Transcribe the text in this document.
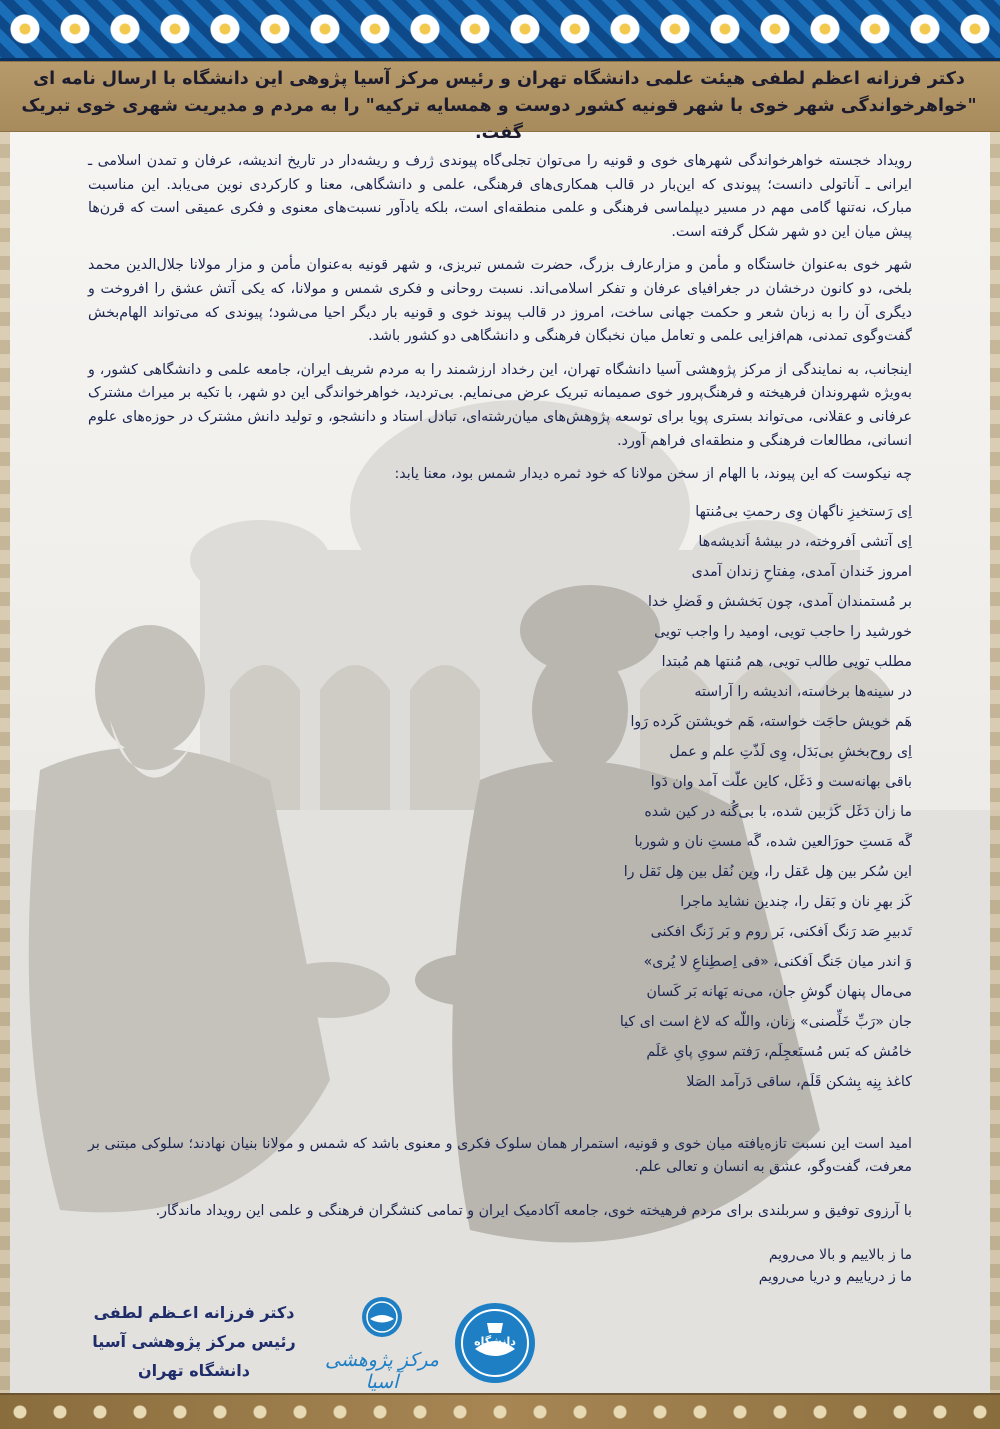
دکتر فرزانه اعظم لطفی هیئت علمی دانشگاه تهران و رئیس مرکز آسیا پژوهی این دانشگاه با ارسال نامه ای
"خواهرخواندگی شهر خوی با شهر قونیه کشور دوست و همسایه ترکیه" را به مردم و مدیریت شهری خوی تبریک گفت.

رویداد خجسته خواهرخواندگی شهرهای خوی و قونیه را می‌توان تجلی‌گاه پیوندی ژرف و ریشه‌دار در تاریخ اندیشه، عرفان و تمدن اسلامی ـ ایرانی ـ آناتولی دانست؛ پیوندی که این‌بار در قالب همکاری‌های فرهنگی، علمی و دانشگاهی، معنا و کارکردی نوین می‌یابد. این مناسبت مبارک، نه‌تنها گامی مهم در مسیر دیپلماسی فرهنگی و علمی منطقه‌ای است، بلکه یادآور نسبت‌های معنوی و فکری عمیقی است که قرن‌ها پیش میان این دو شهر شکل گرفته است.

شهر خوی به‌عنوان خاستگاه و مأمن و مزارعارف بزرگ، حضرت شمس تبریزی، و شهر قونیه به‌عنوان مأمن و مزار مولانا جلال‌الدین محمد بلخی، دو کانون درخشان در جغرافیای عرفان و تفکر اسلامی‌اند. نسبت روحانی و فکری شمس و مولانا، که یکی آتش عشق را افروخت و دیگری آن را به زبان شعر و حکمت جهانی ساخت، امروز در قالب پیوند خوی و قونیه بار دیگر احیا می‌شود؛ پیوندی که می‌تواند الهام‌بخش گفت‌وگوی تمدنی، هم‌افزایی علمی و تعامل میان نخبگان فرهنگی و دانشگاهی دو کشور باشد.

اینجانب، به نمایندگی از مرکز پژوهشی آسیا دانشگاه تهران، این رخداد ارزشمند را به مردم شریف ایران، جامعه علمی و دانشگاهی کشور، و به‌ویژه شهروندان فرهیخته و فرهنگ‌پرور خوی صمیمانه تبریک عرض می‌نمایم. بی‌تردید، خواهرخواندگی این دو شهر، با تکیه بر میراث مشترک عرفانی و عقلانی، می‌تواند بستری پویا برای توسعه پژوهش‌های میان‌رشته‌ای، تبادل استاد و دانشجو، و تولید دانش مشترک در حوزه‌های علوم انسانی، مطالعات فرهنگی و منطقه‌ای فراهم آورد.

چه نیکوست که این پیوند، با الهام از سخن مولانا که خود ثمره دیدار شمس بود، معنا یابد:
اِی رَستخیزِ ناگهان وِی رحمتِ بی‌مُنتها
اِی آتشی اَفروخته، در بیشهٔ اَندیشه‌ها
امروز خَندان آمدی، مِفتاحِ زندان آمدی
بر مُستمندان آمدی، چون بَخشش و فَضلِ خدا
خورشید را حاجب تویی، اومید را واجب تویی
مطلب تویی طالب تویی، هم مُنتها هم مُبتدا
در سینه‌ها برخاسته، اندیشه را آراسته
هَم خویش حاجَت خواسته، هَم خویشتن کَرده رَوا
اِی روح‌بخشِ بی‌بَدَل، وِی لَذّتِ علم و عمل
باقی بهانه‌ست و دَغَل، کاین علّت آمد وان دَوا
ما زان دَغَل کَژبین شده، با بی‌گُنه در کین شده
گَه مَستِ حورَالعین شده، گَه مستِ نان و شوربا
این سُکر بین هِل عَقل را، وین نُقل بین هِل نَقل را
کَز بهرِ نان و بَقل را، چندین نشاید ماجرا
تَدبیرِ صَد رَنگ اَفکنی، بَر روم و بَر زَنگ افکنی
وَ اندر میان جَنگ اَفکنی، «فی اِصطِناعِ لا یُری»
می‌مال پنهان گوشِ جان، می‌نه بَهانه بَر کَسان
جان «رَبِّ خَلِّصنی» زنان، واللّه که لاغ است ای کیا
خامُش که بَس مُستَعجِلَم، رَفتم سویِ پایِ عَلَم
کاغذ بِنِه بِشکن قَلَم، ساقی دَرآمد الصَلا

امید است این نسبت تازه‌یافته میان خوی و قونیه، استمرار همان سلوک فکری و معنوی باشد که شمس و مولانا بنیان نهادند؛ سلوکی مبتنی بر معرفت، گفت‌وگو، عشق به انسان و تعالی علم.

با آرزوی توفیق و سربلندی برای مردم فرهیخته خوی، جامعه آکادمیک ایران و تمامی کنشگران فرهنگی و علمی این رویداد ماندگار.

ما ز بالاییم و بالا می‌رویم
ما ز دریاییم و دریا می‌رویم
دانشگاه
مرکز پژوهشی آسیا
دکتر فرزانه اعـظم لطفی
رئیس مرکز پژوهشی آسیا
دانشگاه تهران
